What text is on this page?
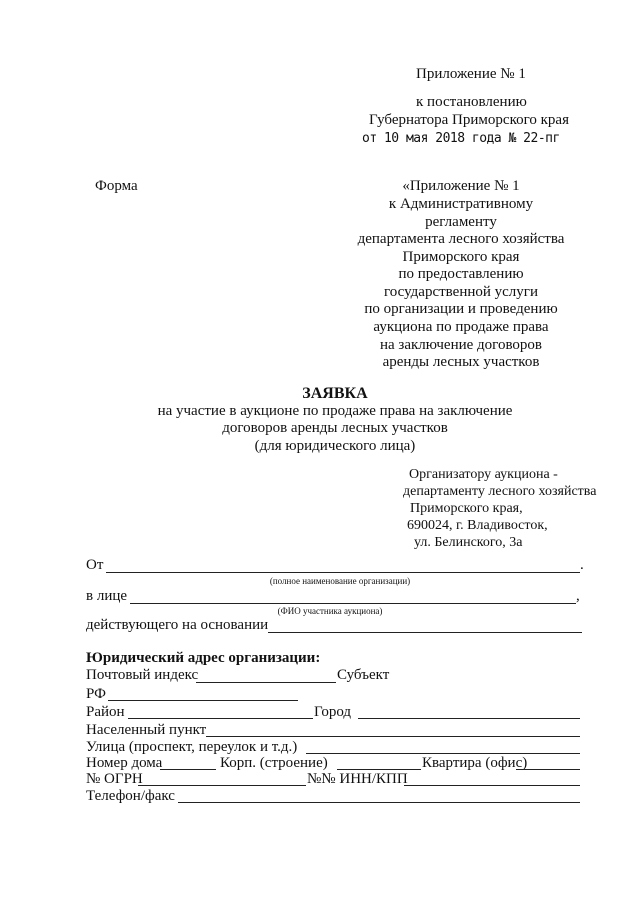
Приложение № 1
к постановлению
Губернатора Приморского края
от 10 мая 2018 года № 22-пг
Форма	«Приложение № 1
к Административному
регламенту
департамента лесного хозяйства
Приморского края
по предоставлению
государственной услуги
по организации и проведению
аукциона по продаже права
на заключение договоров
аренды лесных участков
ЗАЯВКА
на участие в аукционе по продаже права на заключение
договоров аренды лесных участков
(для юридического лица)
Организатору аукциона -
департаменту лесного хозяйства
Приморского края,
690024, г. Владивосток,
ул. Белинского, 3а
От	.
(полное наименование организации)
в лице	,
(ФИО участника аукциона)
действующего на основании
Юридический адрес организации:
Почтовый индекс	Субъект
РФ
Район	Город
Населенный пункт
Улица (проспект, переулок и т.д.)
Номер дома	Корп. (строение)	Квартира (офис)
№ ОГРН	№№ ИНН/КПП
Телефон/факс
